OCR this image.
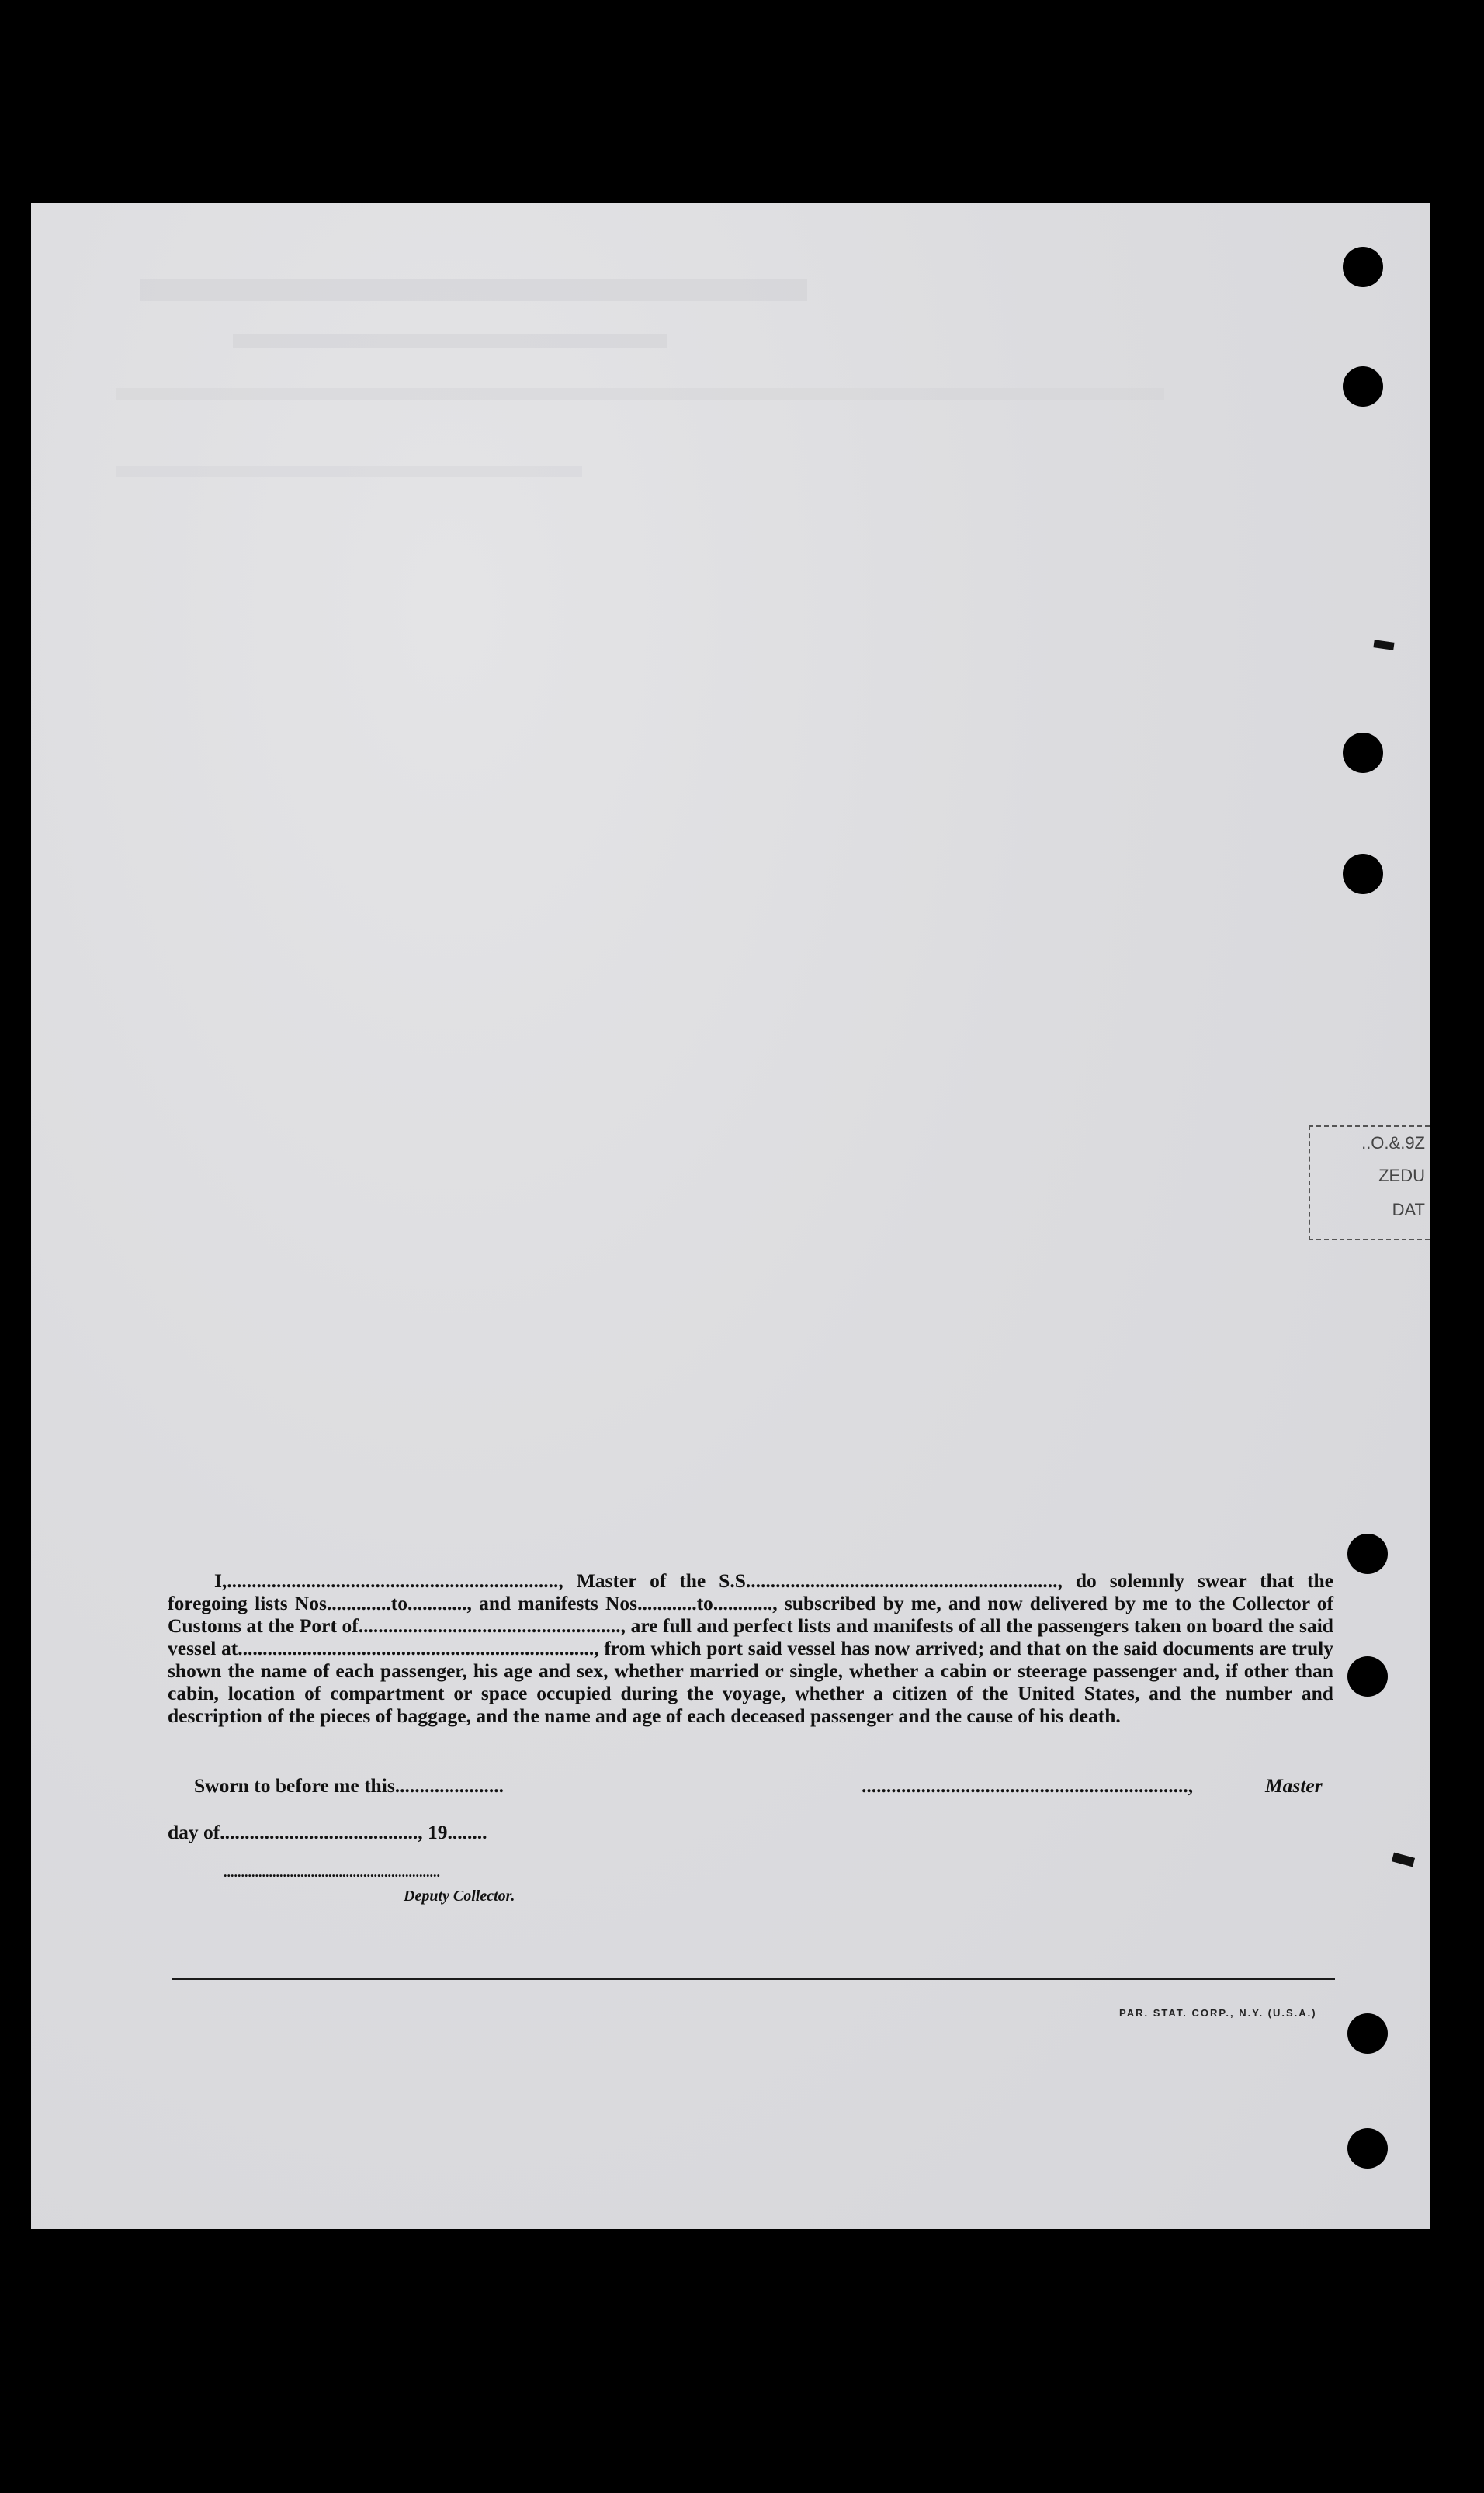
..O.&.9Z
ZEDU
DAT

I,..................................................................., Master of the S.S..............................................................., do solemnly swear that the foregoing lists Nos.............to............, and manifests Nos............to............, subscribed by me, and now delivered by me to the Collector of Customs at the Port of....................................................., are full and perfect lists and manifests of all the passengers taken on board the said vessel at........................................................................, from which port said vessel has now arrived; and that on the said documents are truly shown the name of each passenger, his age and sex, whether married or single, whether a cabin or steerage passenger and, if other than cabin, location of compartment or space occupied during the voyage, whether a citizen of the United States, and the number and description of the pieces of baggage, and the name and age of each deceased passenger and the cause of his death.

Sworn to before me this......................	..................................................................,	Master
day of........................................, 19........
..............................................................
Deputy Collector.
PAR. STAT. CORP., N.Y. (U.S.A.)
